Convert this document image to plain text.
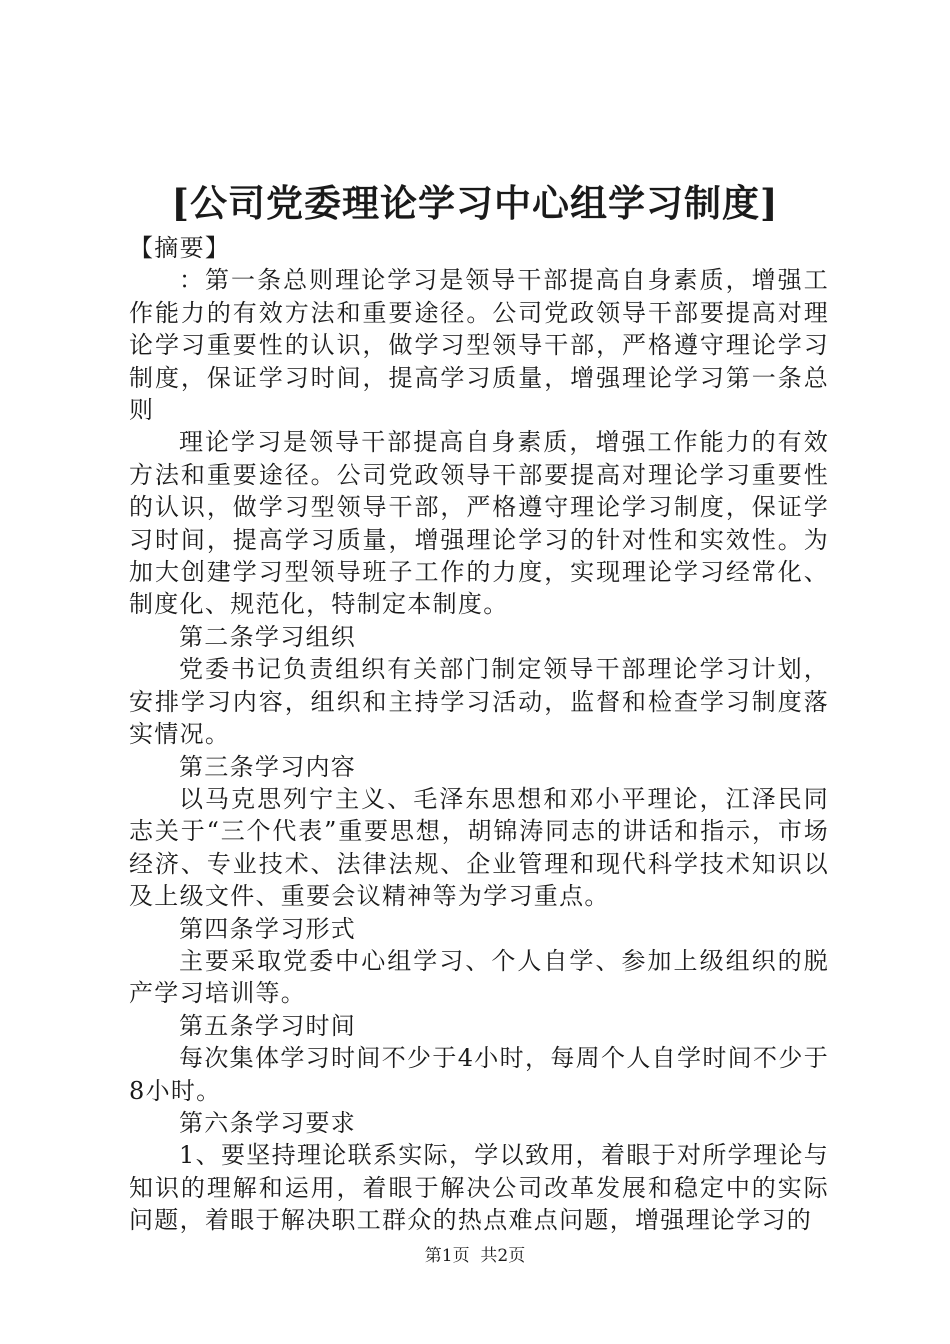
[公司党委理论学习中心组学习制度]

【摘要】

：第一条总则理论学习是领导干部提高自身素质，增强工作能力的有效方法和重要途径。公司党政领导干部要提高对理论学习重要性的认识，做学习型领导干部，严格遵守理论学习制度，保证学习时间，提高学习质量，增强理论学习第一条总则

理论学习是领导干部提高自身素质，增强工作能力的有效方法和重要途径。公司党政领导干部要提高对理论学习重要性的认识，做学习型领导干部，严格遵守理论学习制度，保证学习时间，提高学习质量，增强理论学习的针对性和实效性。为加大创建学习型领导班子工作的力度，实现理论学习经常化、制度化、规范化，特制定本制度。

第二条学习组织

党委书记负责组织有关部门制定领导干部理论学习计划，安排学习内容，组织和主持学习活动，监督和检查学习制度落实情况。

第三条学习内容

以马克思列宁主义、毛泽东思想和邓小平理论，江泽民同志关于“三个代表”重要思想，胡锦涛同志的讲话和指示，市场经济、专业技术、法律法规、企业管理和现代科学技术知识以及上级文件、重要会议精神等为学习重点。

第四条学习形式

主要采取党委中心组学习、个人自学、参加上级组织的脱产学习培训等。

第五条学习时间

每次集体学习时间不少于4小时，每周个人自学时间不少于8小时。

第六条学习要求

1、要坚持理论联系实际，学以致用，着眼于对所学理论与知识的理解和运用，着眼于解决公司改革发展和稳定中的实际问题，着眼于解决职工群众的热点难点问题，增强理论学习的

第1页  共2页
